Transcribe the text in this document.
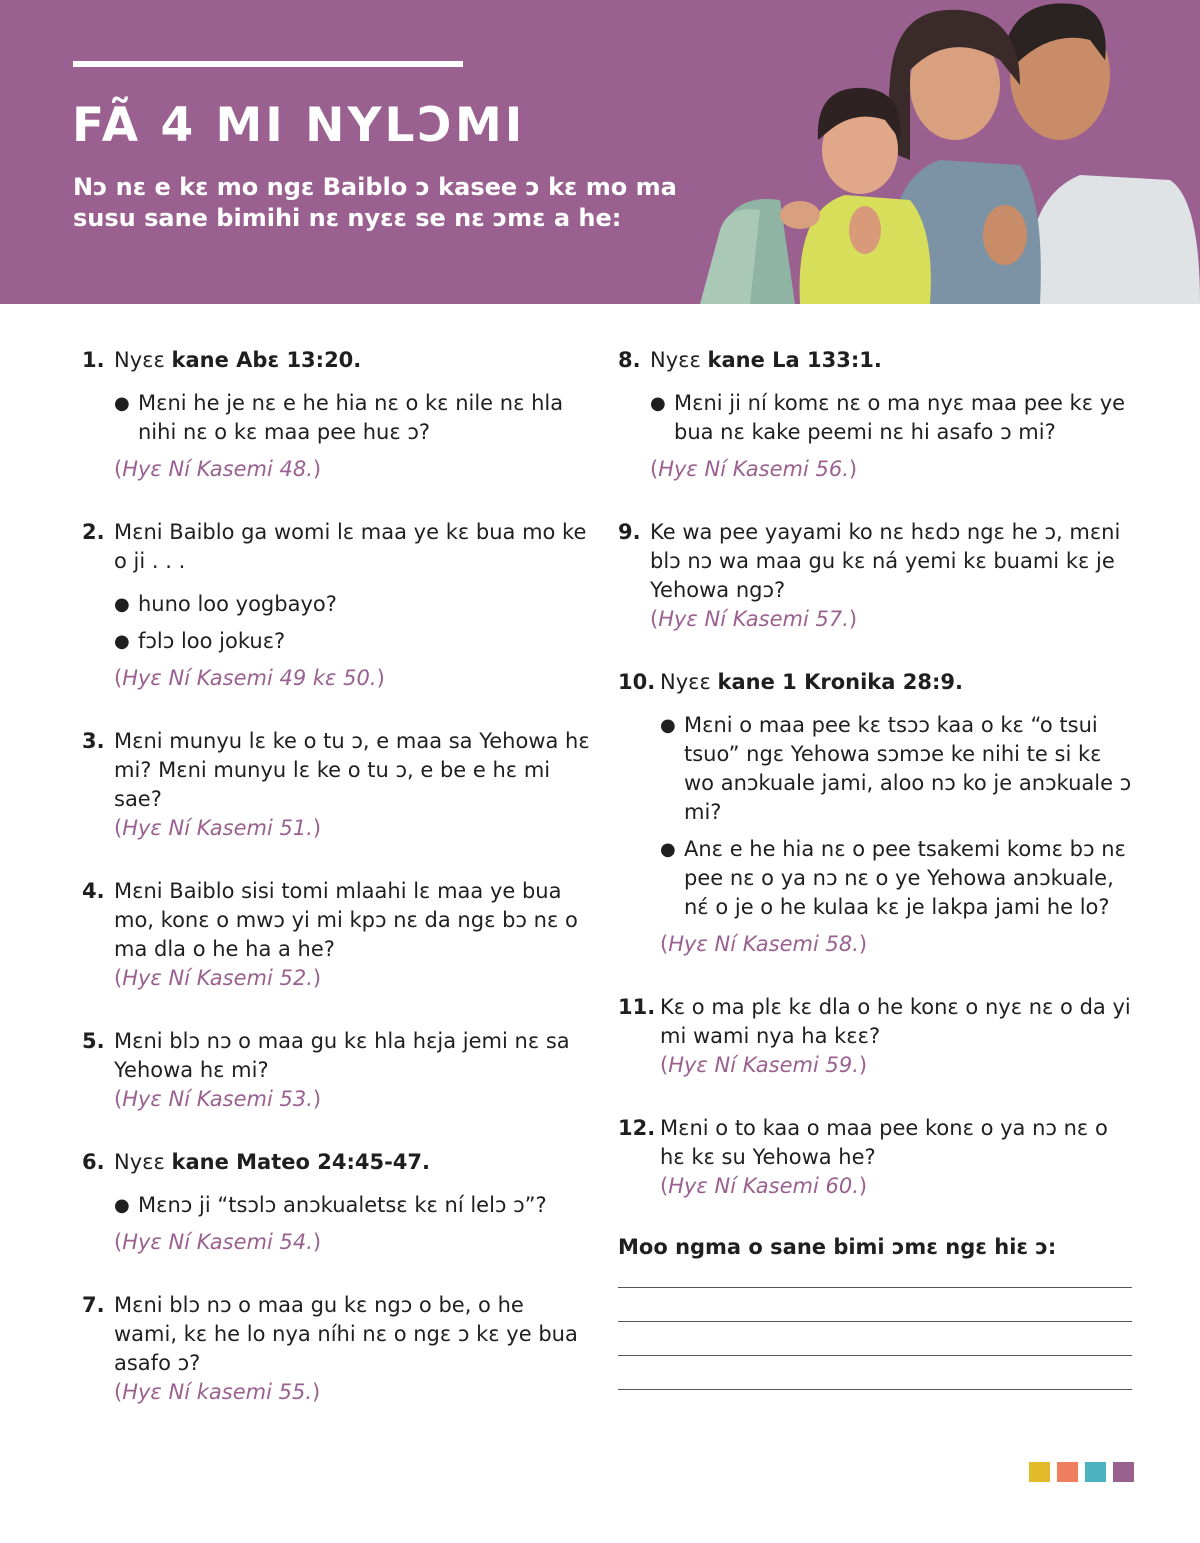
FÃ 4 MI NYLƆMI
Nɔ nɛ e kɛ mo ngɛ Baiblo ɔ kasee ɔ kɛ mo ma susu sane bimihi nɛ nyɛɛ se nɛ ɔmɛ a he:
1. Nyɛɛ kane Abɛ 13:20.
● Mɛni he je nɛ e he hia nɛ o kɛ nile nɛ hla nihi nɛ o kɛ maa pee huɛ ɔ?
(Hyɛ Ní Kasemi 48.)
2. Mɛni Baiblo ga womi lɛ maa ye kɛ bua mo ke o ji . . .
● huno loo yogbayo?
● fɔlɔ loo jokuɛ?
(Hyɛ Ní Kasemi 49 kɛ 50.)
3. Mɛni munyu lɛ ke o tu ɔ, e maa sa Yehowa hɛ mi? Mɛni munyu lɛ ke o tu ɔ, e be e hɛ mi sae?
(Hyɛ Ní Kasemi 51.)
4. Mɛni Baiblo sisi tomi mlaahi lɛ maa ye bua mo, konɛ o mwɔ yi mi kpɔ nɛ da ngɛ bɔ nɛ o ma dla o he ha a he?
(Hyɛ Ní Kasemi 52.)
5. Mɛni blɔ nɔ o maa gu kɛ hla hɛja jemi nɛ sa Yehowa hɛ mi?
(Hyɛ Ní Kasemi 53.)
6. Nyɛɛ kane Mateo 24:45-47.
● Mɛnɔ ji “tsɔlɔ anɔkualetsɛ kɛ ní lelɔ ɔ”?
(Hyɛ Ní Kasemi 54.)
7. Mɛni blɔ nɔ o maa gu kɛ ngɔ o be, o he wami, kɛ he lo nya níhi nɛ o ngɛ ɔ kɛ ye bua asafo ɔ?
(Hyɛ Ní kasemi 55.)
8. Nyɛɛ kane La 133:1.
● Mɛni ji ní komɛ nɛ o ma nyɛ maa pee kɛ ye bua nɛ kake peemi nɛ hi asafo ɔ mi?
(Hyɛ Ní Kasemi 56.)
9. Ke wa pee yayami ko nɛ hɛdɔ ngɛ he ɔ, mɛni blɔ nɔ wa maa gu kɛ ná yemi kɛ buami kɛ je Yehowa ngɔ?
(Hyɛ Ní Kasemi 57.)
10. Nyɛɛ kane 1 Kronika 28:9.
● Mɛni o maa pee kɛ tsɔɔ kaa o kɛ “o tsui tsuo” ngɛ Yehowa sɔmɔe ke nihi te si kɛ wo anɔkuale jami, aloo nɔ ko je anɔkuale ɔ mi?
● Anɛ e he hia nɛ o pee tsakemi komɛ bɔ nɛ pee nɛ o ya nɔ nɛ o ye Yehowa anɔkuale, nɛ́ o je o he kulaa kɛ je lakpa jami he lo?
(Hyɛ Ní Kasemi 58.)
11. Kɛ o ma plɛ kɛ dla o he konɛ o nyɛ nɛ o da yi mi wami nya ha kɛɛ?
(Hyɛ Ní Kasemi 59.)
12. Mɛni o to kaa o maa pee konɛ o ya nɔ nɛ o hɛ kɛ su Yehowa he?
(Hyɛ Ní Kasemi 60.)
Moo ngma o sane bimi ɔmɛ ngɛ hiɛ ɔ:
